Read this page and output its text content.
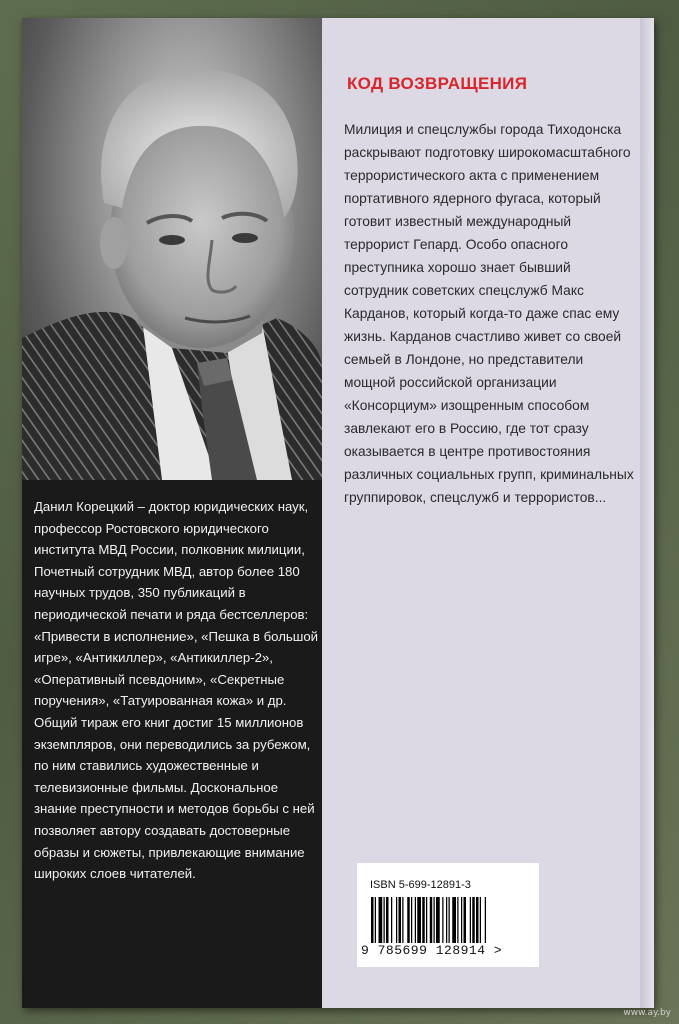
Данил Корецкий – доктор юридических наук, профессор Ростовского юридического института МВД России, полковник милиции, Почетный сотрудник МВД, автор более 180 научных трудов, 350 публикаций в периодической печати и ряда бестселлеров: «Привести в исполнение», «Пешка в большой игре», «Антикиллер», «Антикиллер-2», «Оперативный псевдоним», «Секретные поручения», «Татуированная кожа» и др. Общий тираж его книг достиг 15 миллионов экземпляров, они переводились за рубежом, по ним ставились художественные и телевизионные фильмы. Доскональное знание преступности и методов борьбы с ней позволяет автору создавать достоверные образы и сюжеты, привлекающие внимание широких слоев читателей.

КОД ВОЗВРАЩЕНИЯ

Милиция и спецслужбы города Тиходонска раскрывают подготовку широкомасштабного террористического акта с применением портативного ядерного фугаса, который готовит известный международный террорист Гепард. Особо опасного преступника хорошо знает бывший сотрудник советских спецслужб Макс Карданов, который когда-то даже спас ему жизнь. Карданов счастливо живет со своей семьей в Лондоне, но представители мощной российской организации «Консорциум» изощренным способом завлекают его в Россию, где тот сразу оказывается в центре противостояния различных социальных групп, криминальных группировок, спецслужб и террористов...

ISBN 5-699-12891-3
9 785699 128914 >
www.ay.by
